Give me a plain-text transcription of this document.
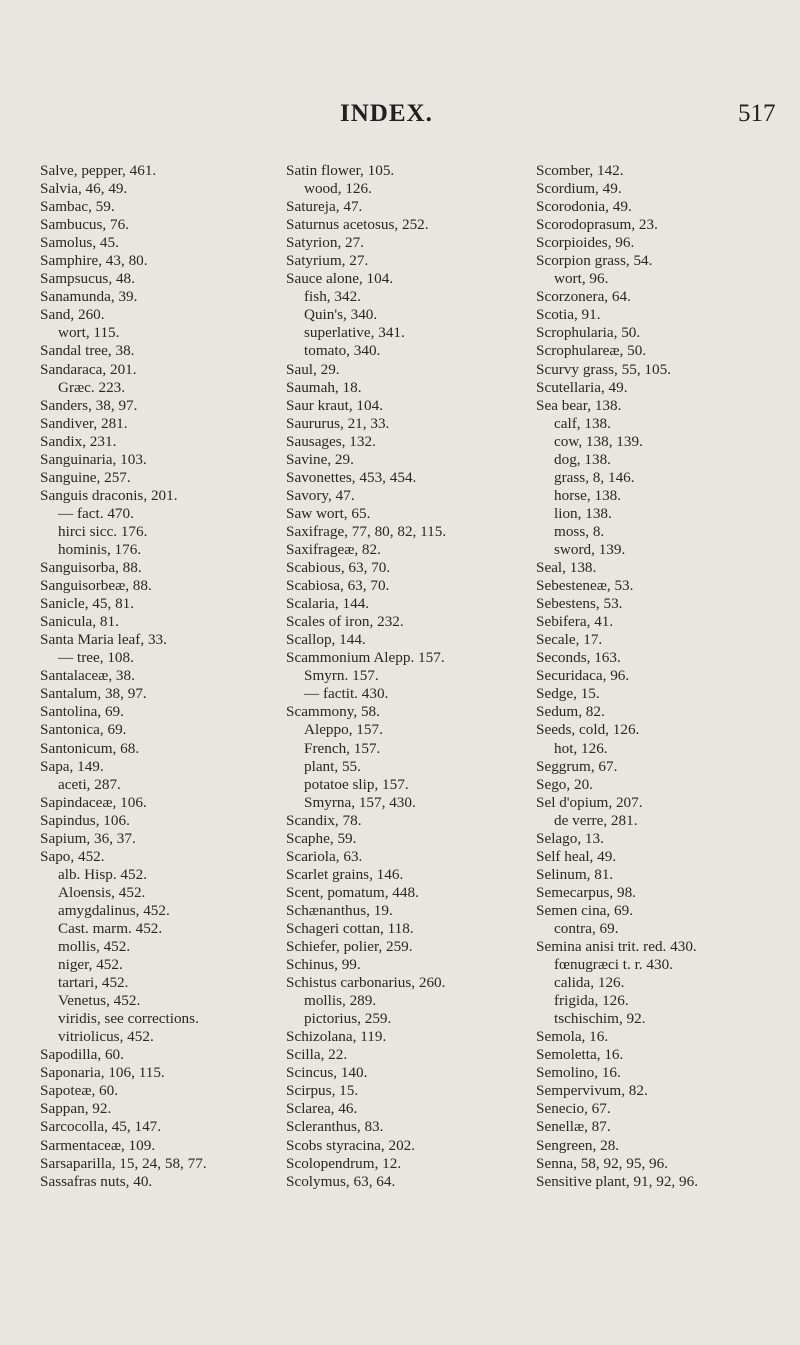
INDEX.	517
Salve, pepper, 461.
Salvia, 46, 49.
Sambac, 59.
Sambucus, 76.
Samolus, 45.
Samphire, 43, 80.
Sampsucus, 48.
Sanamunda, 39.
Sand, 260.
wort, 115.
Sandal tree, 38.
Sandaraca, 201.
Græc. 223.
Sanders, 38, 97.
Sandiver, 281.
Sandix, 231.
Sanguinaria, 103.
Sanguine, 257.
Sanguis draconis, 201.
— fact. 470.
hirci sicc. 176.
hominis, 176.
Sanguisorba, 88.
Sanguisorbeæ, 88.
Sanicle, 45, 81.
Sanicula, 81.
Santa Maria leaf, 33.
— tree, 108.
Santalaceæ, 38.
Santalum, 38, 97.
Santolina, 69.
Santonica, 69.
Santonicum, 68.
Sapa, 149.
aceti, 287.
Sapindaceæ, 106.
Sapindus, 106.
Sapium, 36, 37.
Sapo, 452.
alb. Hisp. 452.
Aloensis, 452.
amygdalinus, 452.
Cast. marm. 452.
mollis, 452.
niger, 452.
tartari, 452.
Venetus, 452.
viridis, see corrections.
vitriolicus, 452.
Sapodilla, 60.
Saponaria, 106, 115.
Sapoteæ, 60.
Sappan, 92.
Sarcocolla, 45, 147.
Sarmentaceæ, 109.
Sarsaparilla, 15, 24, 58, 77.
Sassafras nuts, 40.
Satin flower, 105.
wood, 126.
Satureja, 47.
Saturnus acetosus, 252.
Satyrion, 27.
Satyrium, 27.
Sauce alone, 104.
fish, 342.
Quin's, 340.
superlative, 341.
tomato, 340.
Saul, 29.
Saumah, 18.
Saur kraut, 104.
Saururus, 21, 33.
Sausages, 132.
Savine, 29.
Savonettes, 453, 454.
Savory, 47.
Saw wort, 65.
Saxifrage, 77, 80, 82, 115.
Saxifrageæ, 82.
Scabious, 63, 70.
Scabiosa, 63, 70.
Scalaria, 144.
Scales of iron, 232.
Scallop, 144.
Scammonium Alepp. 157.
Smyrn. 157.
— factit. 430.
Scammony, 58.
Aleppo, 157.
French, 157.
plant, 55.
potatoe slip, 157.
Smyrna, 157, 430.
Scandix, 78.
Scaphe, 59.
Scariola, 63.
Scarlet grains, 146.
Scent, pomatum, 448.
Schænanthus, 19.
Schageri cottan, 118.
Schiefer, polier, 259.
Schinus, 99.
Schistus carbonarius, 260.
mollis, 289.
pictorius, 259.
Schizolana, 119.
Scilla, 22.
Scincus, 140.
Scirpus, 15.
Sclarea, 46.
Scleranthus, 83.
Scobs styracina, 202.
Scolopendrum, 12.
Scolymus, 63, 64.
Scomber, 142.
Scordium, 49.
Scorodonia, 49.
Scorodoprasum, 23.
Scorpioides, 96.
Scorpion grass, 54.
wort, 96.
Scorzonera, 64.
Scotia, 91.
Scrophularia, 50.
Scrophulareæ, 50.
Scurvy grass, 55, 105.
Scutellaria, 49.
Sea bear, 138.
calf, 138.
cow, 138, 139.
dog, 138.
grass, 8, 146.
horse, 138.
lion, 138.
moss, 8.
sword, 139.
Seal, 138.
Sebesteneæ, 53.
Sebestens, 53.
Sebifera, 41.
Secale, 17.
Seconds, 163.
Securidaca, 96.
Sedge, 15.
Sedum, 82.
Seeds, cold, 126.
hot, 126.
Seggrum, 67.
Sego, 20.
Sel d'opium, 207.
de verre, 281.
Selago, 13.
Self heal, 49.
Selinum, 81.
Semecarpus, 98.
Semen cina, 69.
contra, 69.
Semina anisi trit. red. 430.
fœnugræci t. r. 430.
calida, 126.
frigida, 126.
tschischim, 92.
Semola, 16.
Semoletta, 16.
Semolino, 16.
Sempervivum, 82.
Senecio, 67.
Senellæ, 87.
Sengreen, 28.
Senna, 58, 92, 95, 96.
Sensitive plant, 91, 92, 96.
